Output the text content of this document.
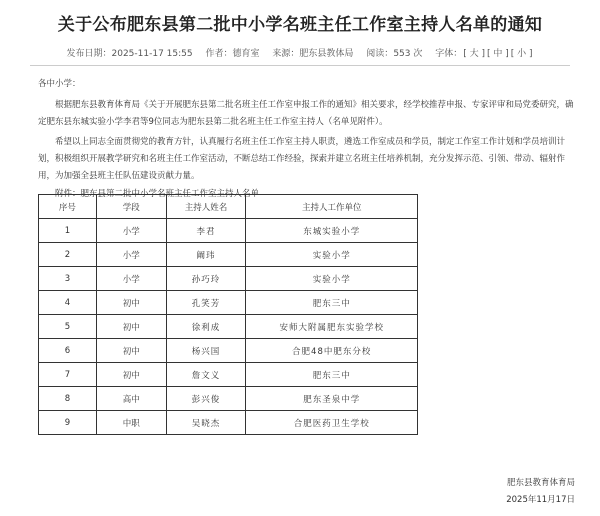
关于公布肥东县第二批中小学名班主任工作室主持人名单的通知
发布日期：2025-11-17 15:55 作者：德育室 来源：肥东县教体局 阅读：553 次 字体：[ 大 ] [ 中 ] [ 小 ]
各中小学：
根据肥东县教育体育局《关于开展肥东县第二批名班主任工作室申报工作的通知》相关要求，经学校推荐申报、专家评审和局党委研究，确定肥东县东城实验小学李君等9位同志为肥东县第二批名班主任工作室主持人（名单见附件）。
希望以上同志全面贯彻党的教育方针，认真履行名班主任工作室主持人职责，遴选工作室成员和学员，制定工作室工作计划和学员培训计划，积极组织开展教学研究和名班主任工作室活动，不断总结工作经验，探索并建立名班主任培养机制，充分发挥示范、引领、带动、辐射作用，为加强全县班主任队伍建设贡献力量。
附件：肥东县第二批中小学名班主任工作室主持人名单
序号	学段	主持人姓名	主持人工作单位
1	小学	李君	东城实验小学
2	小学	阚玮	实验小学
3	小学	孙巧玲	实验小学
4	初中	孔笑芳	肥东三中
5	初中	徐利成	安师大附属肥东实验学校
6	初中	杨兴国	合肥48中肥东分校
7	初中	詹文义	肥东三中
8	高中	彭兴俊	肥东圣泉中学
9	中职	吴晓杰	合肥医药卫生学校
肥东县教育体育局
2025年11月17日
